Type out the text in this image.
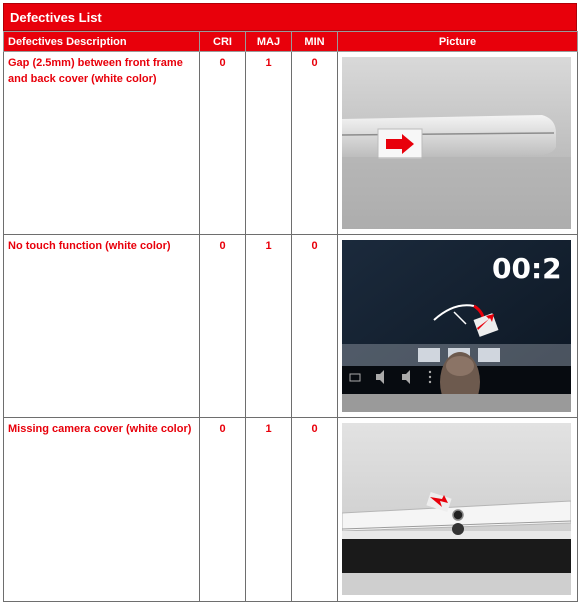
Defectives List
Defectives Description	CRI	MAJ	MIN	Picture
Gap (2.5mm) between front frame and back cover (white color)	0	1	0	

No touch function (white color)	0	1	0	00:2

Missing camera cover (white color)	0	1	0	
